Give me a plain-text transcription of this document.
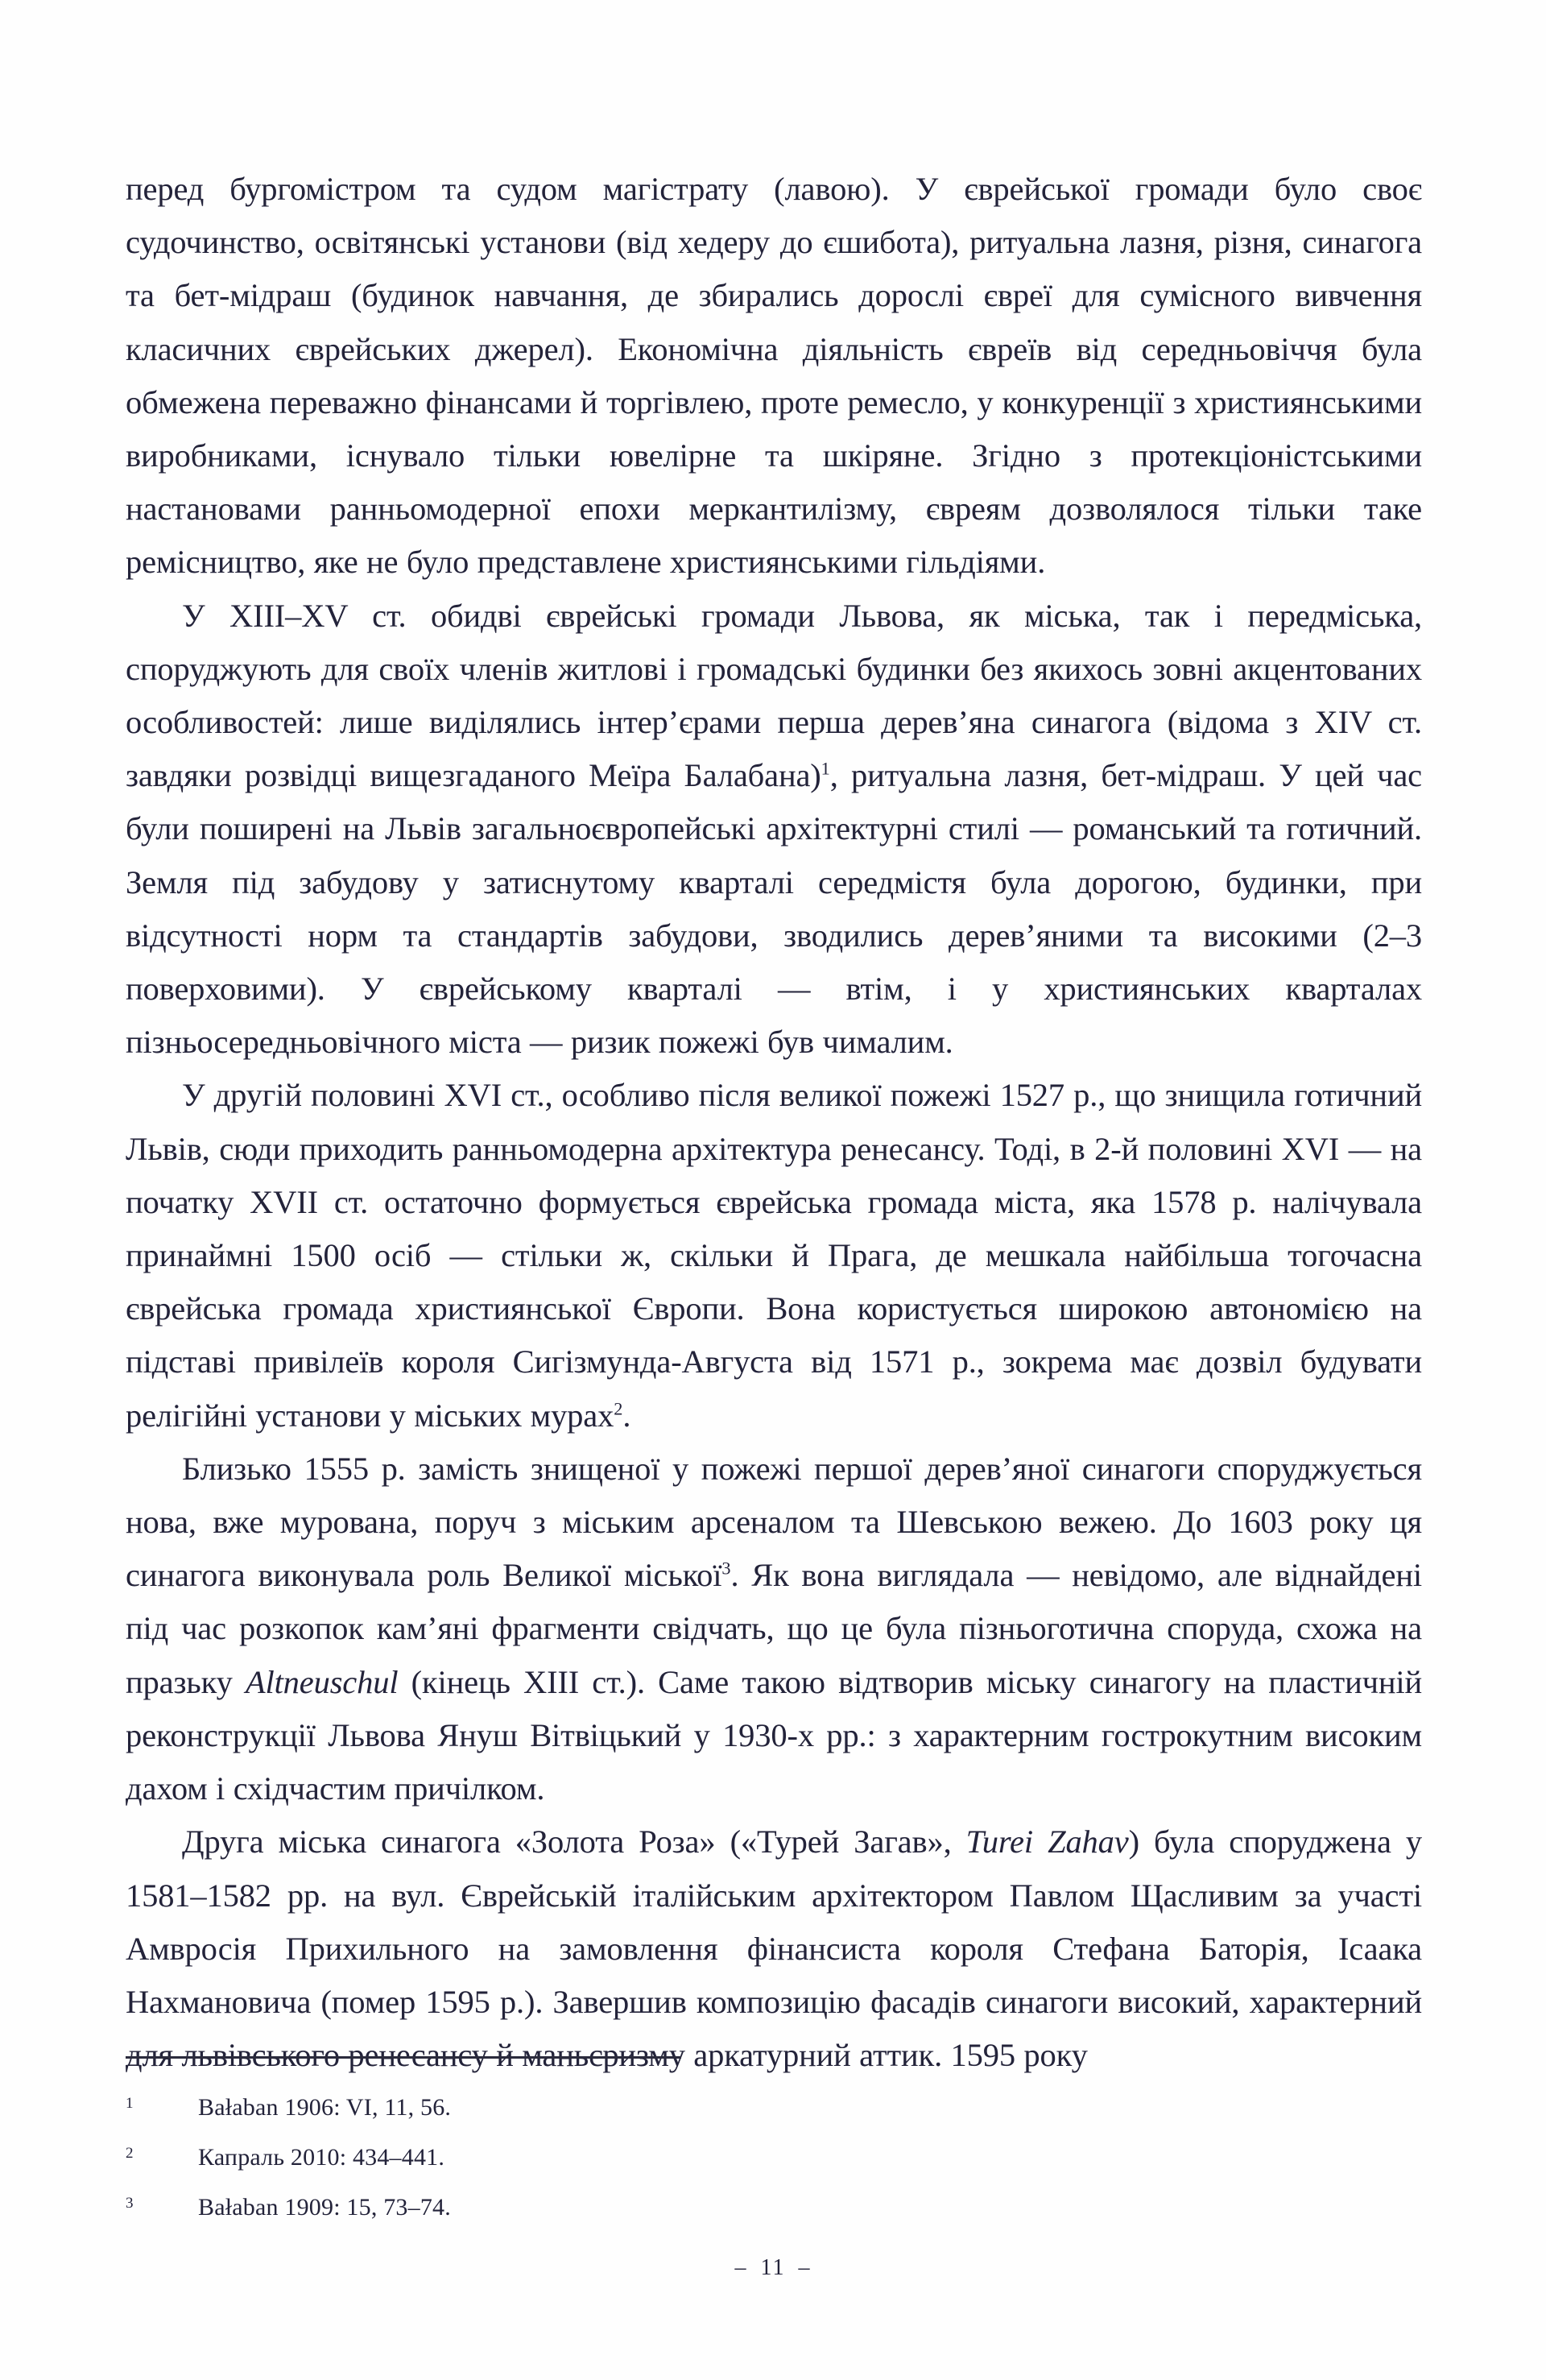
перед бургомістром та судом магістрату (лавою). У єврейської громади було своє судочинство, освітянські установи (від хедеру до єшибота), ритуальна лазня, різня, синагога та бет-мідраш (будинок навчання, де збирались дорослі євреї для сумісного вивчення класичних єврейських джерел). Економічна діяльність євреїв від середньовіччя була обмежена переважно фінансами й торгівлею, проте ремесло, у конкуренції з християнськими виробниками, існувало тільки ювелірне та шкіряне. Згідно з протекціоністськими настановами ранньомодерної епохи меркантилізму, євреям дозволялося тільки таке ремісництво, яке не було представлене християнськими гільдіями.

У XIII–XV ст. обидві єврейські громади Львова, як міська, так і передміська, споруджують для своїх членів житлові і громадські будинки без якихось зовні акцентованих особливостей: лише виділялись інтер’єрами перша дерев’яна синагога (відома з XIV ст. завдяки розвідці вищезгаданого Меїра Балабана)$^1$, ритуальна лазня, бет-мідраш. У цей час були поширені на Львів загальноєвропейські архітектурні стилі — романський та готичний. Земля під забудову у затиснутому кварталі середмістя була дорогою, будинки, при відсутності норм та стандартів забудови, зводились дерев’яними та високими (2–3 поверховими). У єврейському кварталі — втім, і у християнських кварталах пізньосередньовічного міста — ризик пожежі був чималим.

У другій половині XVI ст., особливо після великої пожежі 1527 р., що знищила готичний Львів, сюди приходить ранньомодерна архітектура ренесансу. Тоді, в 2-й половині XVI — на початку XVII ст. остаточно формується єврейська громада міста, яка 1578 р. налічувала принаймні 1500 осіб — стільки ж, скільки й Прага, де мешкала найбільша тогочасна єврейська громада християнської Європи. Вона користується широкою автономією на підставі привілеїв короля Сигізмунда-Августа від 1571 р., зокрема має дозвіл будувати релігійні установи у міських мурах$^2$.

Близько 1555 р. замість знищеної у пожежі першої дерев’яної синагоги споруджується нова, вже мурована, поруч з міським арсеналом та Шевською вежею. До 1603 року ця синагога виконувала роль Великої міської$^3$. Як вона виглядала — невідомо, але віднайдені під час розкопок кам’яні фрагменти свідчать, що це була пізньоготична споруда, схожа на празьку Altneuschul (кінець XIII ст.). Саме такою відтворив міську синагогу на пластичній реконструкції Львова Януш Вітвіцький у 1930-х рр.: з характерним гострокутним високим дахом і східчастим причілком.

Друга міська синагога «Золота Роза» («Турей Загав», Turei Zahav) була споруджена у 1581–1582 рр. на вул. Єврейській італійським архітектором Павлом Щасливим за участі Амвросія Прихильного на замовлення фінансиста короля Стефана Баторія, Ісаака Нахмановича (помер 1595 р.). Завершив композицію фасадів синагоги високий, характерний для львівського ренесансу й маньєризму аркатурний аттик. 1595 року

1	Bałaban 1906: VI, 11, 56.
2	Капраль 2010: 434–441.
3	Bałaban 1909: 15, 73–74.
– 11 –
